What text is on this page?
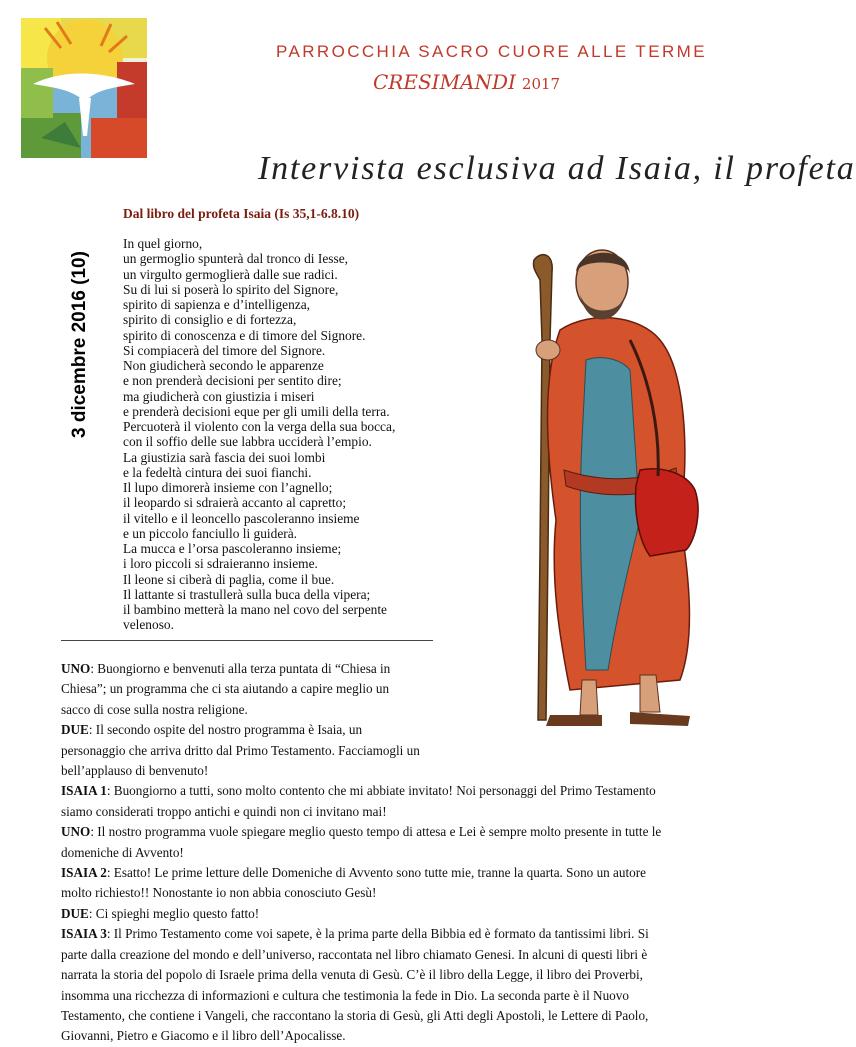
PARROCCHIA SACRO CUORE ALLE TERME
CRESIMANDI 2017
Intervista esclusiva ad Isaia, il profeta
3 dicembre 2016 (10)
Dal libro del profeta Isaia (Is 35,1-6.8.10)
In quel giorno,
un germoglio spunterà dal tronco di Iesse,
un virgulto germoglierà dalle sue radici.
Su di lui si poserà lo spirito del Signore,
spirito di sapienza e d’intelligenza,
spirito di consiglio e di fortezza,
spirito di conoscenza e di timore del Signore.
Si compiacerà del timore del Signore.
Non giudicherà secondo le apparenze
e non prenderà decisioni per sentito dire;
ma giudicherà con giustizia i miseri
e prenderà decisioni eque per gli umili della terra.
Percuoterà il violento con la verga della sua bocca,
con il soffio delle sue labbra ucciderà l’empio.
La giustizia sarà fascia dei suoi lombi
e la fedeltà cintura dei suoi fianchi.
Il lupo dimorerà insieme con l’agnello;
il leopardo si sdraierà accanto al capretto;
il vitello e il leoncello pascoleranno insieme
e un piccolo fanciullo li guiderà.
La mucca e l’orsa pascoleranno insieme;
i loro piccoli si sdraieranno insieme.
Il leone si ciberà di paglia, come il bue.
Il lattante si trastullerà sulla buca della vipera;
il bambino metterà la mano nel covo del serpente
velenoso.
UNO: Buongiorno e benvenuti alla terza puntata di “Chiesa in
Chiesa”; un programma che ci sta aiutando a capire meglio un
sacco di cose sulla nostra religione.
DUE: Il secondo ospite del nostro programma è Isaia, un
personaggio che arriva dritto dal Primo Testamento. Facciamogli un
bell’applauso di benvenuto!
ISAIA 1: Buongiorno a tutti, sono molto contento che mi abbiate invitato! Noi personaggi del Primo Testamento
siamo considerati troppo antichi e quindi non ci invitano mai!
UNO: Il nostro programma vuole spiegare meglio questo tempo di attesa e Lei è sempre molto presente in tutte le
domeniche di Avvento!
ISAIA 2: Esatto! Le prime letture delle Domeniche di Avvento sono tutte mie, tranne la quarta. Sono un autore
molto richiesto!! Nonostante io non abbia conosciuto Gesù!
DUE: Ci spieghi meglio questo fatto!
ISAIA 3: Il Primo Testamento come voi sapete, è la prima parte della Bibbia ed è formato da tantissimi libri. Si
parte dalla creazione del mondo e dell’universo, raccontata nel libro chiamato Genesi. In alcuni di questi libri è
narrata la storia del popolo di Israele prima della venuta di Gesù. C’è il libro della Legge, il libro dei Proverbi,
insomma una ricchezza di informazioni e cultura che testimonia la fede in Dio. La seconda parte è il Nuovo
Testamento, che contiene i Vangeli, che raccontano la storia di Gesù, gli Atti degli Apostoli, le Lettere di Paolo,
Giovanni, Pietro e Giacomo e il libro dell’Apocalisse.
